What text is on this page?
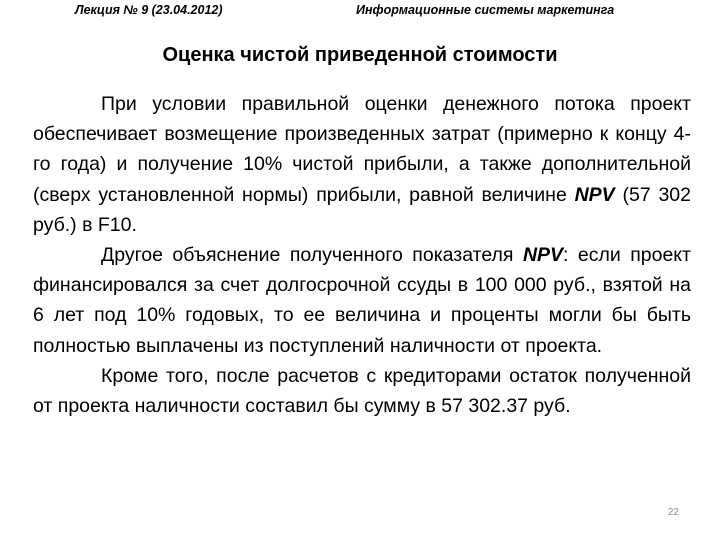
Лекция № 9 (23.04.2012)	Информационные системы маркетинга
Оценка чистой приведенной стоимости

При условии правильной оценки денежного потока проект обеспечивает возмещение произведенных затрат (примерно к концу 4-го года) и получение 10% чистой прибыли, а также дополнительной (сверх установленной нормы) прибыли, равной величине NPV (57 302 руб.) в F10.

Другое объяснение полученного показателя NPV: если проект финансировался за счет долгосрочной ссуды в 100 000 руб., взятой на 6 лет под 10% годовых, то ее величина и проценты могли бы быть полностью выплачены из поступлений наличности от проекта.

Кроме того, после расчетов с кредиторами остаток полученной от проекта наличности составил бы сумму в 57 302.37 руб.

22
